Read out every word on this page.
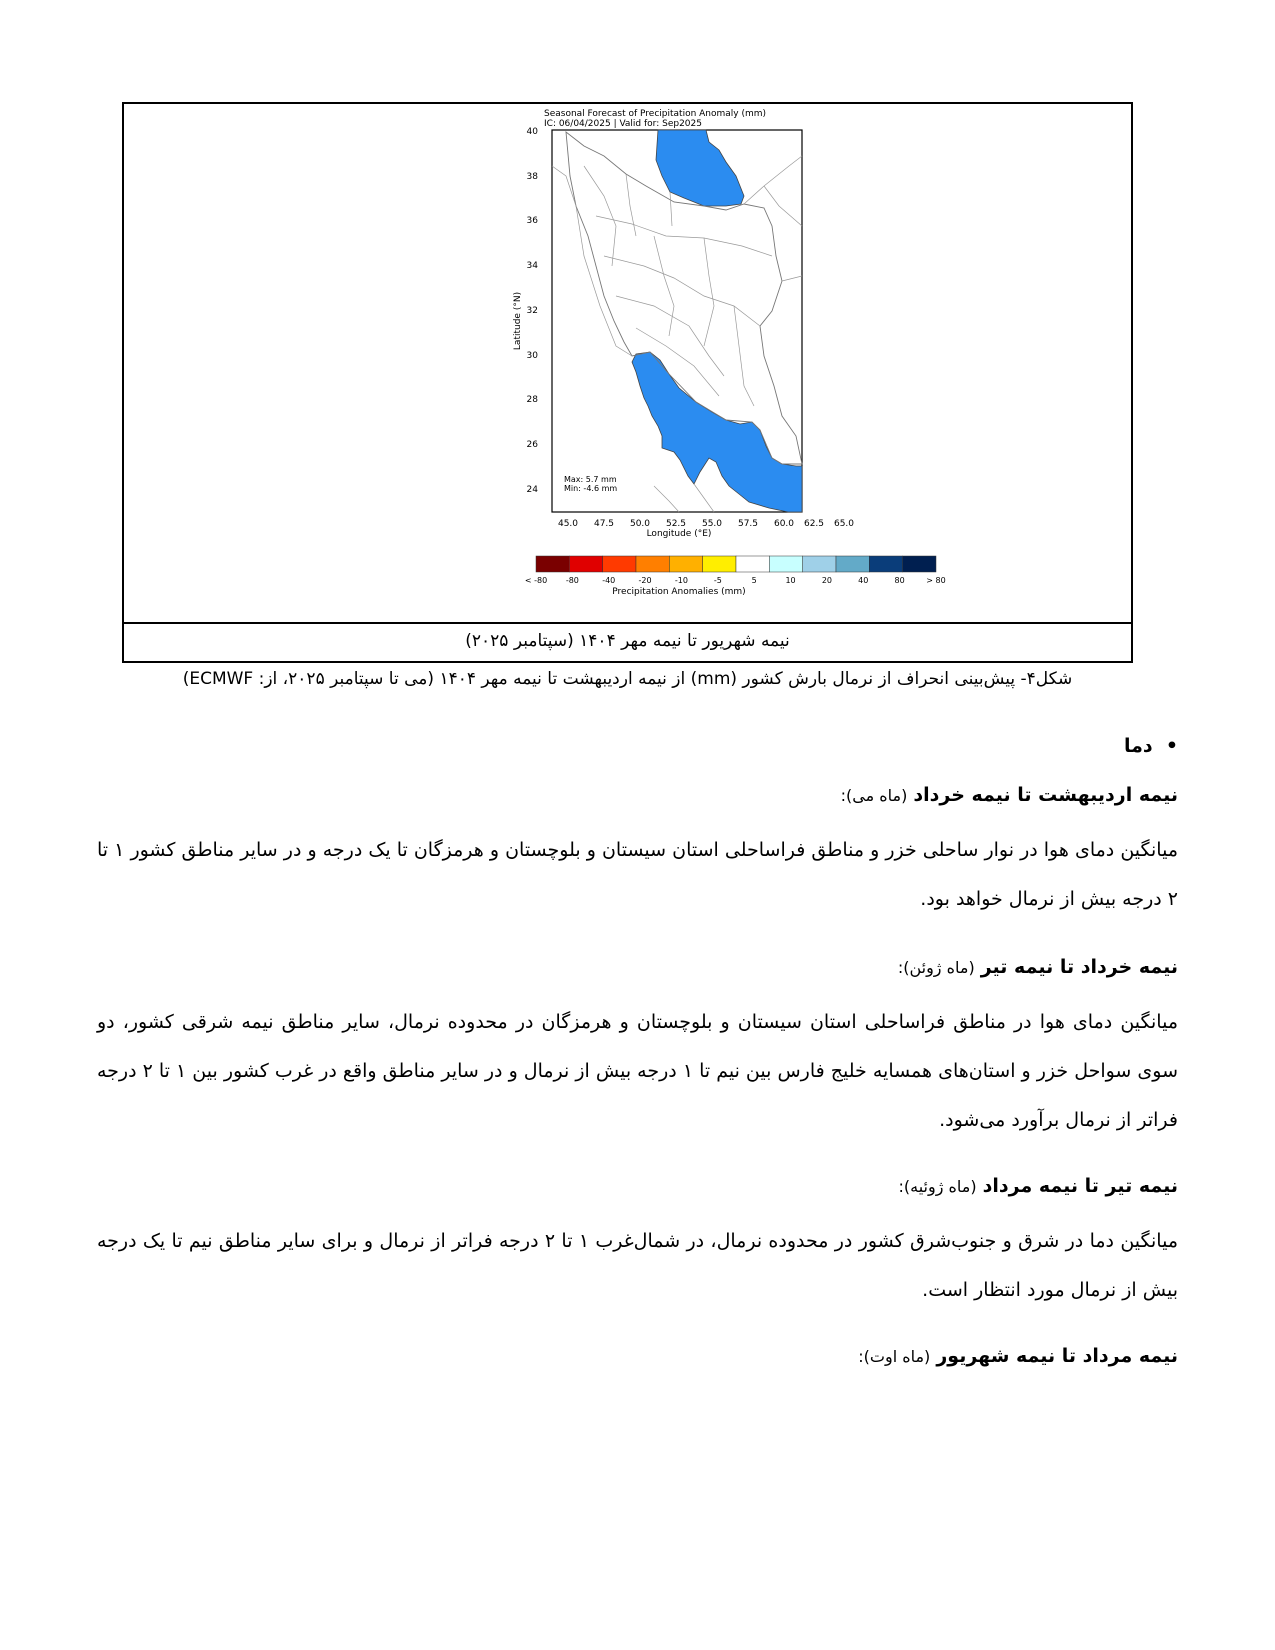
Seasonal Forecast of Precipitation Anomaly (mm)
IC: 06/04/2025 | Valid for: Sep2025
Max: 5.7 mm
Min: -4.6 mm
40
38
36
34
32
30
28
26
24
Latitude (°N)
45.0 47.5 50.0 52.5 55.0 57.5 60.0 62.5 65.0
Longitude (°E)
< -80 -80	-40	-20	-10	-5	5	10	20	40	80	> 80
Precipitation Anomalies (mm)
نیمه شهریور تا نیمه مهر ۱۴۰۴ (سپتامبر ۲۰۲۵)
شکل۴- پیش‌بینی انحراف از نرمال بارش کشور (mm) از نیمه اردیبهشت تا نیمه مهر ۱۴۰۴ (می تا سپتامبر ۲۰۲۵، از: ECMWF)
•  دما
نیمه اردیبهشت تا نیمه خرداد (ماه می):
میانگین دمای هوا در نوار ساحلی خزر و مناطق فراساحلی استان سیستان و بلوچستان و هرمزگان تا یک درجه و در سایر مناطق کشور ۱ تا ۲ درجه بیش از نرمال خواهد بود.
نیمه خرداد تا نیمه تیر (ماه ژوئن):
میانگین دمای هوا در مناطق فراساحلی استان سیستان و بلوچستان و هرمزگان در محدوده نرمال، سایر مناطق نیمه شرقی کشور، دو سوی سواحل خزر و استان‌های همسایه خلیج فارس بین نیم تا ۱ درجه بیش از نرمال و در سایر مناطق واقع در غرب کشور بین ۱ تا ۲ درجه فراتر از نرمال برآورد می‌شود.
نیمه تیر تا نیمه مرداد (ماه ژوئیه):
میانگین دما در شرق و جنوب‌شرق کشور در محدوده نرمال، در شمال‌غرب ۱ تا ۲ درجه فراتر از نرمال و برای سایر مناطق نیم تا یک درجه بیش از نرمال مورد انتظار است.
نیمه مرداد تا نیمه شهریور (ماه اوت):
